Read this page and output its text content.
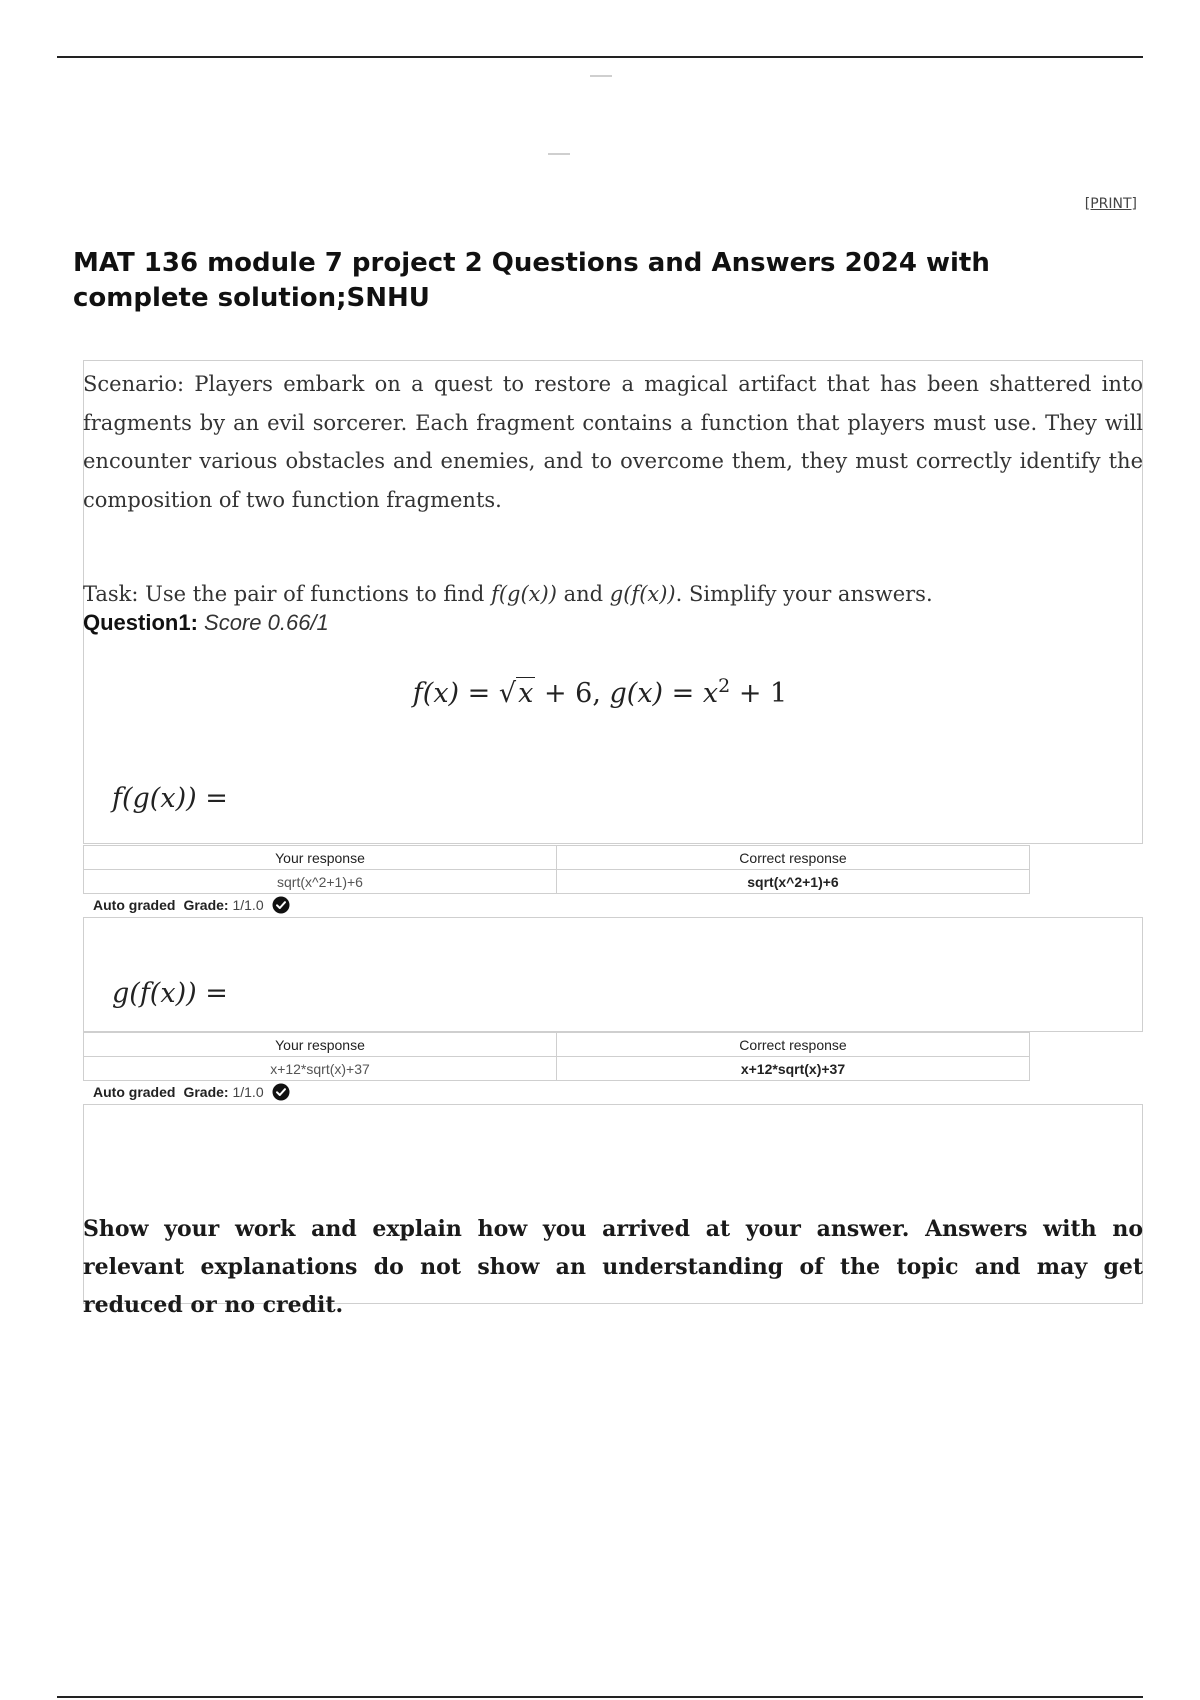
[PRINT]
MAT 136 module 7 project 2 Questions and Answers 2024 with complete solution;SNHU

Scenario: Players embark on a quest to restore a magical artifact that has been shattered into fragments by an evil sorcerer. Each fragment contains a function that players must use. They will encounter various obstacles and enemies, and to overcome them, they must correctly identify the composition of two function fragments.

Task: Use the pair of functions to find f(g(x)) and g(f(x)). Simplify your answers.

Question1: Score 0.66/1
f(x) = √x + 6, $g(x) = x^2 + 1$
f(g(x)) =
Your response	Correct response
sqrt(x^2+1)+6	sqrt(x^2+1)+6
Auto graded Grade: 1/1.0
g(f(x)) =
Your response	Correct response
x+12*sqrt(x)+37	x+12*sqrt(x)+37
Auto graded Grade: 1/1.0

Show your work and explain how you arrived at your answer. Answers with no relevant explanations do not show an understanding of the topic and may get reduced or no credit.
